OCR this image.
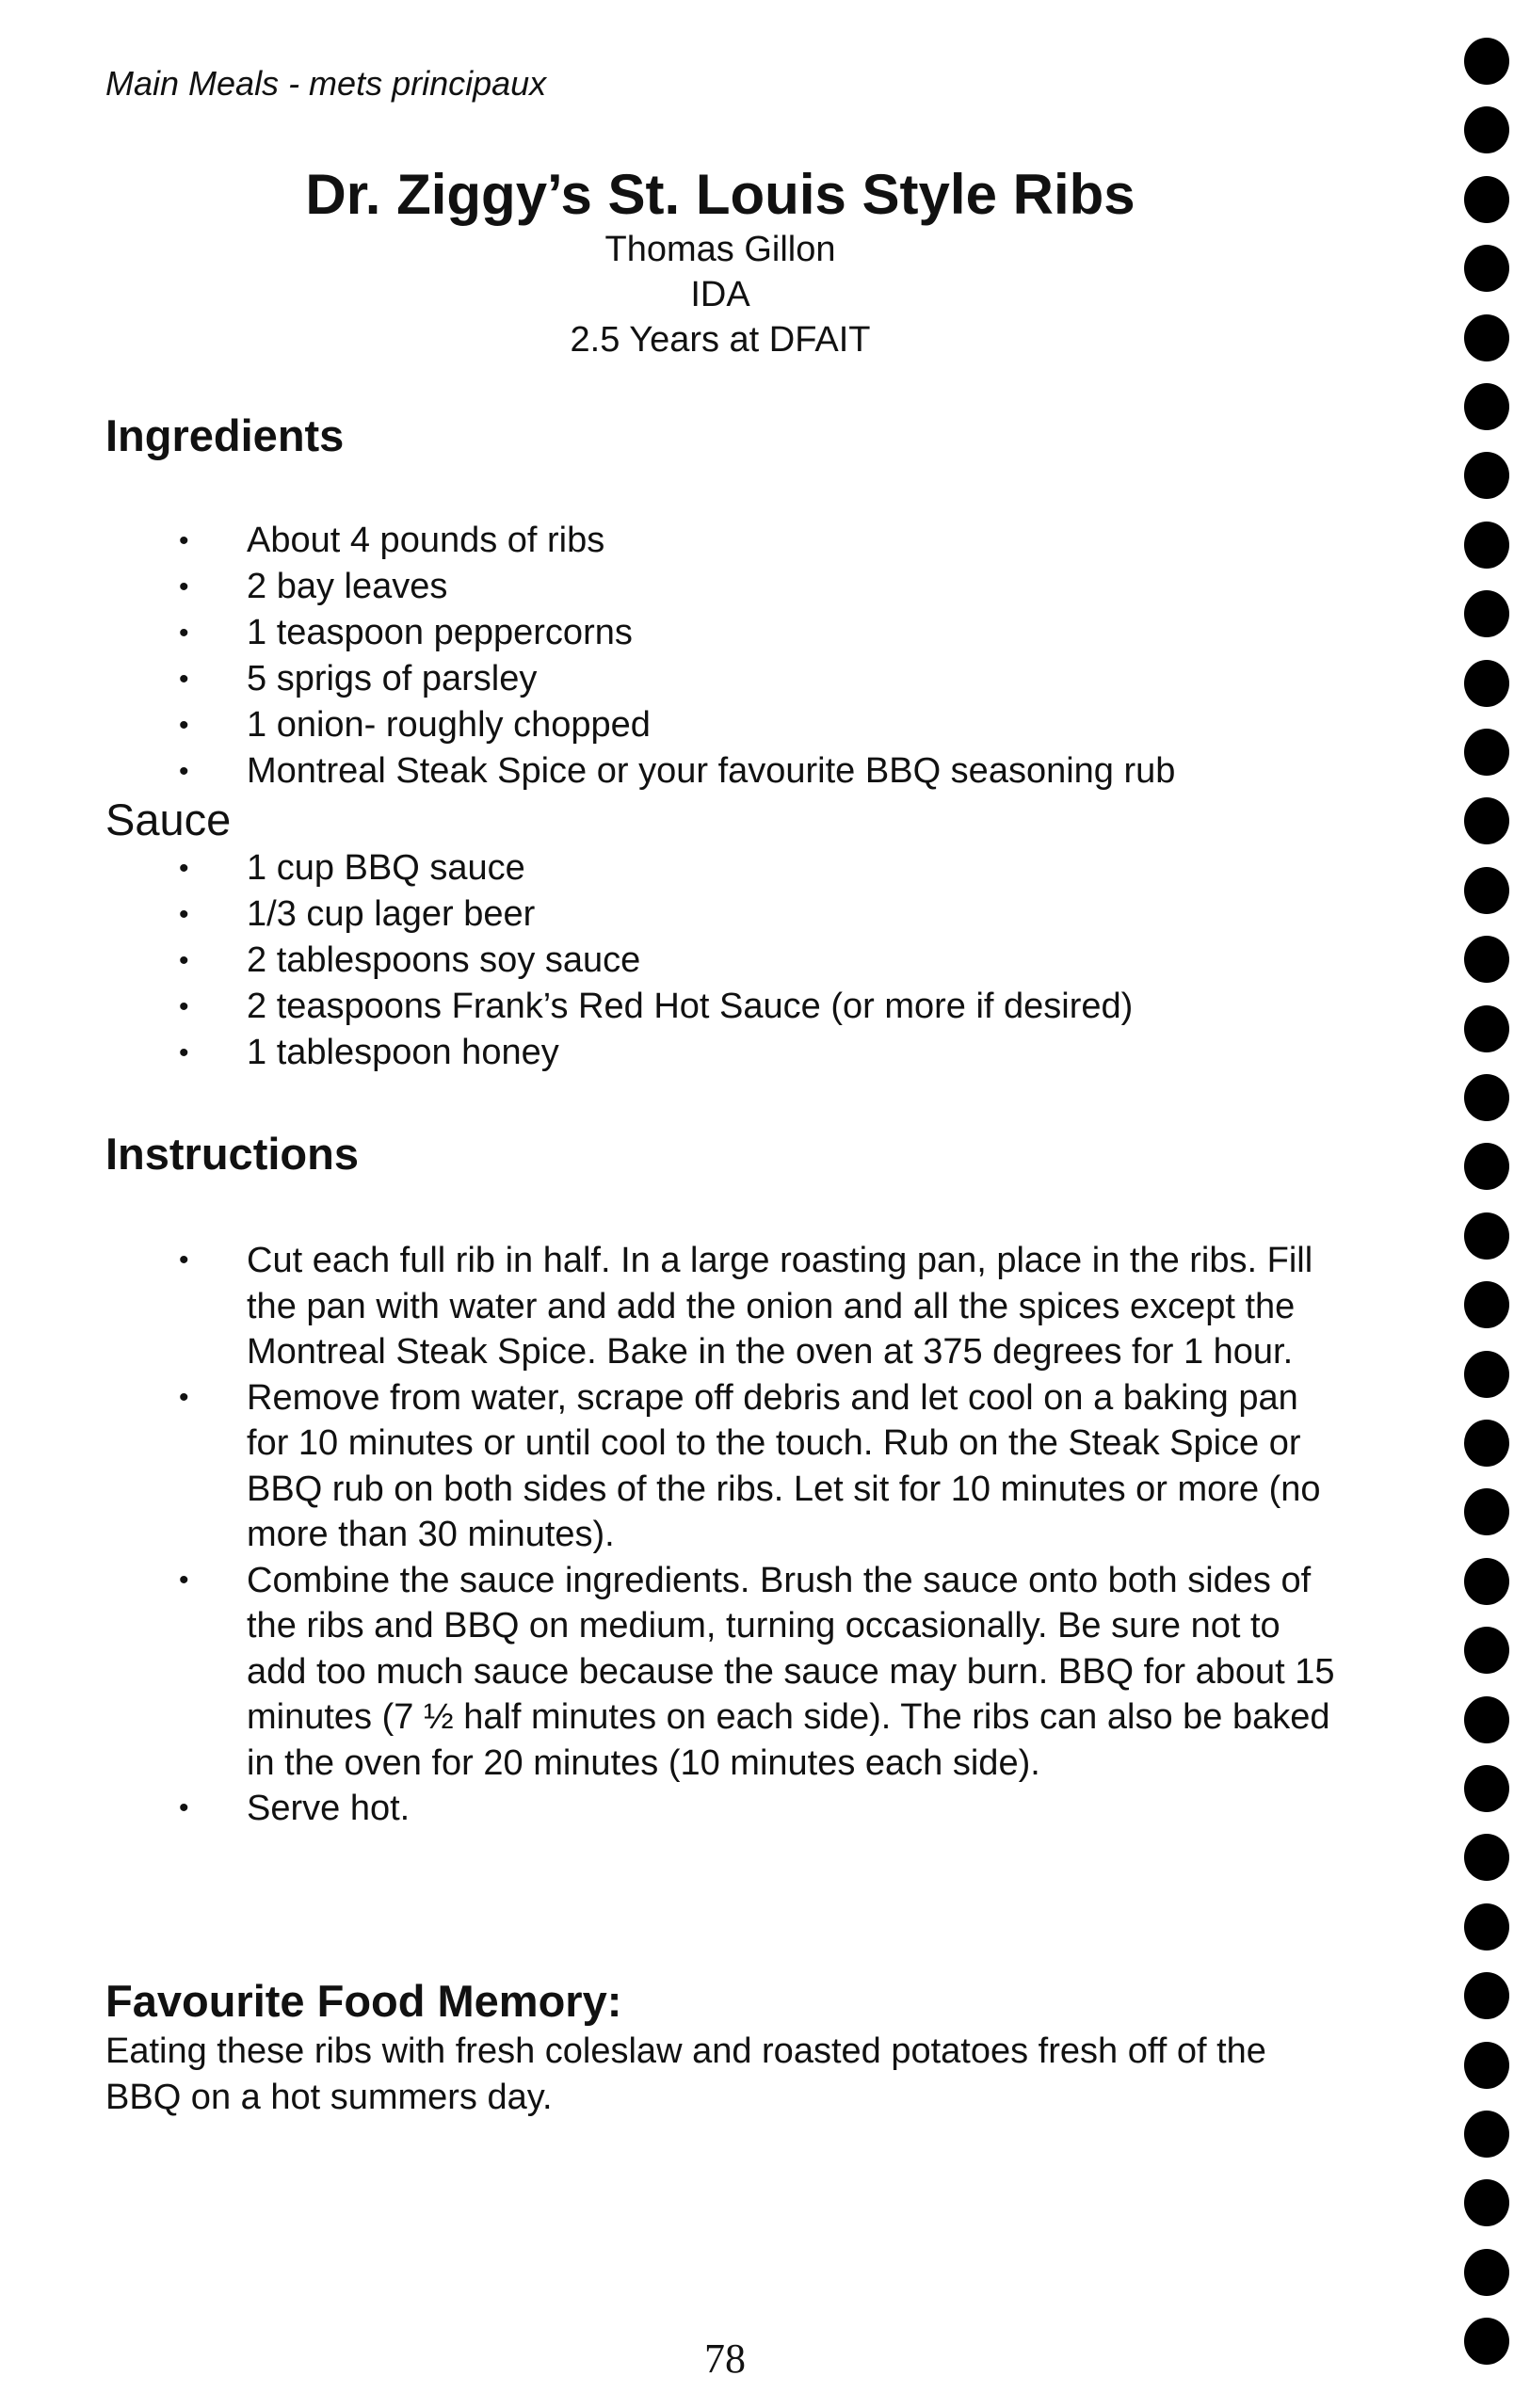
Main Meals - mets principaux
Dr. Ziggy’s St. Louis Style Ribs
Thomas Gillon
IDA
2.5 Years at DFAIT
Ingredients
• About 4 pounds of ribs
• 2 bay leaves
• 1 teaspoon peppercorns
• 5 sprigs of parsley
• 1 onion- roughly chopped
• Montreal Steak Spice or your favourite BBQ seasoning rub
Sauce
• 1 cup BBQ sauce
• 1/3 cup lager beer
• 2 tablespoons soy sauce
• 2 teaspoons Frank’s Red Hot Sauce (or more if desired)
• 1 tablespoon honey
Instructions
• Cut each full rib in half. In a large roasting pan, place in the ribs. Fill the pan with water and add the onion and all the spices except the Montreal Steak Spice. Bake in the oven at 375 degrees for 1 hour.
• Remove from water, scrape off debris and let cool on a baking pan for 10 minutes or until cool to the touch. Rub on the Steak Spice or BBQ rub on both sides of the ribs. Let sit for 10 minutes or more (no more than 30 minutes).
• Combine the sauce ingredients. Brush the sauce onto both sides of the ribs and BBQ on medium, turning occasionally. Be sure not to add too much sauce because the sauce may burn. BBQ for about 15 minutes (7 ½ half minutes on each side). The ribs can also be baked in the oven for 20 minutes (10 minutes each side).
• Serve hot.
Favourite Food Memory:
Eating these ribs with fresh coleslaw and roasted potatoes fresh off of the BBQ on a hot summers day.
78
